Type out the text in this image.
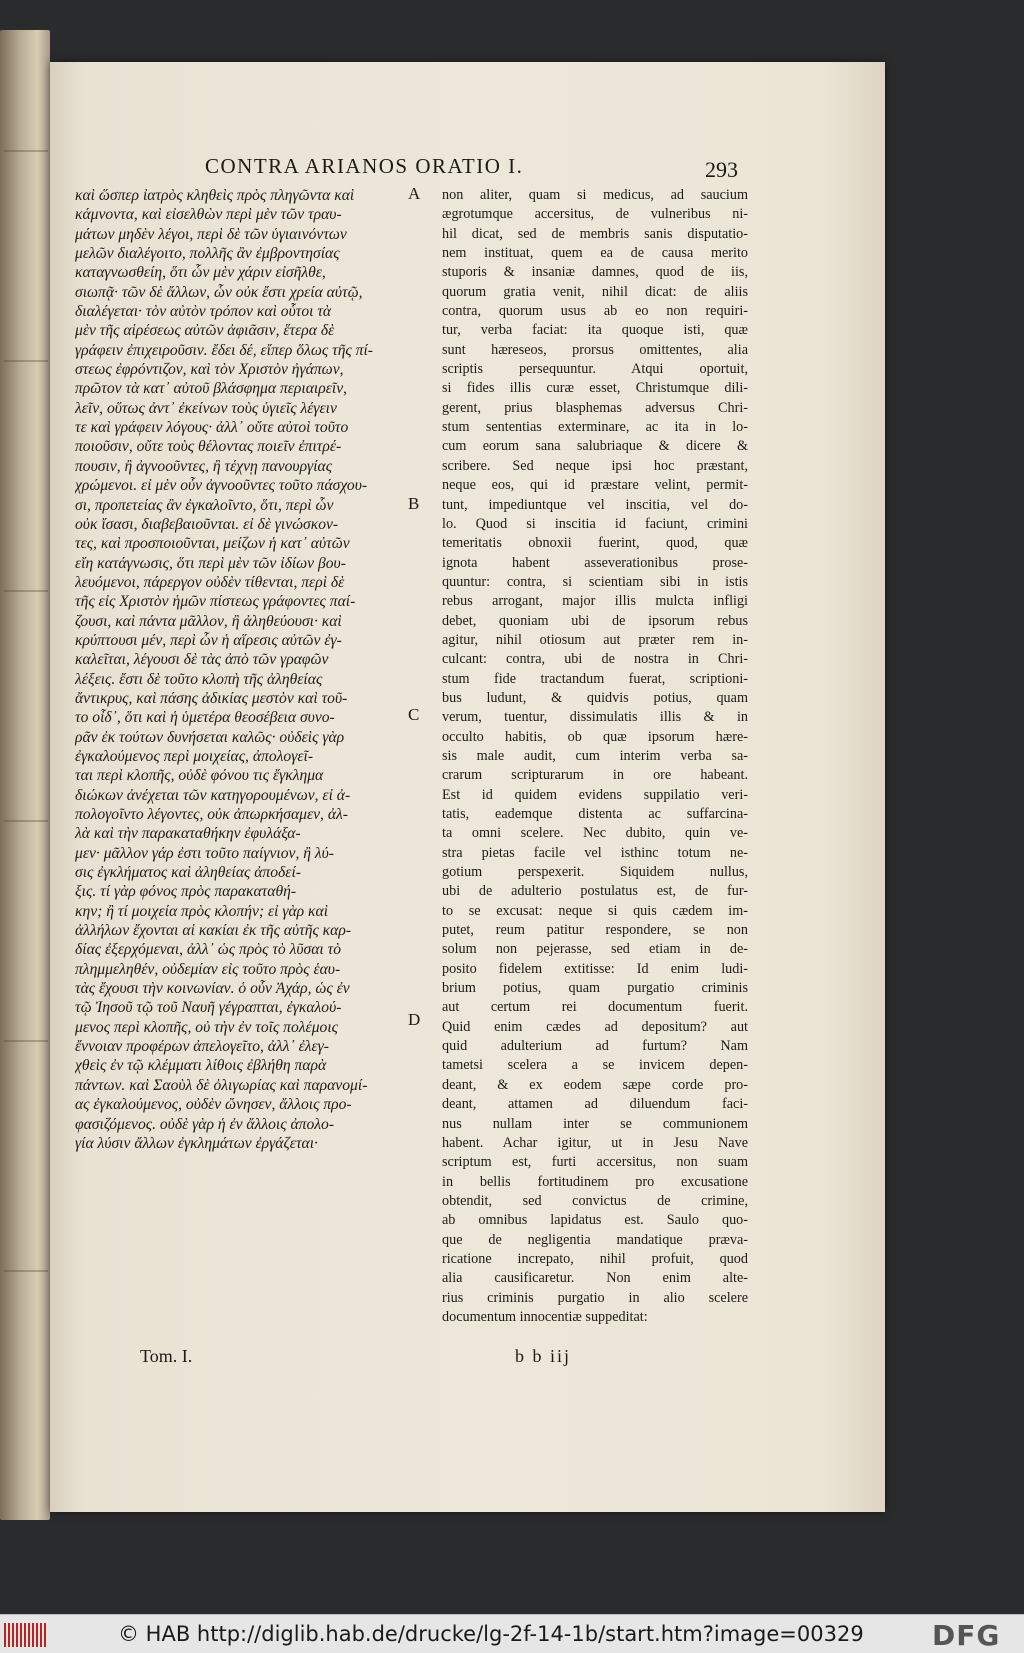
CONTRA ARIANOS ORATIO I.	293
καὶ ὥσπερ ἰατρὸς κληθεὶς πρὸς πληγῶντα καὶ
κάμνοντα, καὶ εἰσελθὼν περὶ μὲν τῶν τραυ-
μάτων μηδὲν λέγοι, περὶ δὲ τῶν ὑγιαινόντων
μελῶν διαλέγοιτο, πολλῆς ἂν ἐμβροντησίας
καταγνωσθείη, ὅτι ὧν μὲν χάριν εἰσῆλθε,
σιωπᾷ· τῶν δὲ ἄλλων, ὧν οὐκ ἔστι χρεία αὐτῷ,
διαλέγεται· τὸν αὐτὸν τρόπον καὶ οὗτοι τὰ
μὲν τῆς αἱρέσεως αὐτῶν ἀφιᾶσιν, ἕτερα δὲ
γράφειν ἐπιχειροῦσιν. ἔδει δέ, εἴπερ ὅλως τῆς πί-
στεως ἐφρόντιζον, καὶ τὸν Χριστὸν ἠγάπων,
πρῶτον τὰ κατ᾽ αὐτοῦ βλάσφημα περιαιρεῖν,
λεῖν, οὕτως ἀντ᾽ ἐκείνων τοὺς ὑγιεῖς λέγειν
τε καὶ γράφειν λόγους· ἀλλ᾽ οὔτε αὐτοὶ τοῦτο
ποιοῦσιν, οὔτε τοὺς θέλοντας ποιεῖν ἐπιτρέ-
πουσιν, ἢ ἀγνοοῦντες, ἢ τέχνῃ πανουργίας
χρώμενοι. εἰ μὲν οὖν ἀγνοοῦντες τοῦτο πάσχου-
σι, προπετείας ἂν ἐγκαλοῖντο, ὅτι, περὶ ὧν
οὐκ ἴσασι, διαβεβαιοῦνται. εἰ δὲ γινώσκον-
τες, καὶ προσποιοῦνται, μείζων ἡ κατ᾽ αὐτῶν
εἴη κατάγνωσις, ὅτι περὶ μὲν τῶν ἰδίων βου-
λευόμενοι, πάρεργον οὐδὲν τίθενται, περὶ δὲ
τῆς εἰς Χριστὸν ἡμῶν πίστεως γράφοντες παί-
ζουσι, καὶ πάντα μᾶλλον, ἢ ἀληθεύουσι· καὶ
κρύπτουσι μέν, περὶ ὧν ἡ αἵρεσις αὐτῶν ἐγ-
καλεῖται, λέγουσι δὲ τὰς ἀπὸ τῶν γραφῶν
λέξεις. ἔστι δὲ τοῦτο κλοπὴ τῆς ἀληθείας
ἄντικρυς, καὶ πάσης ἀδικίας μεστὸν καὶ τοῦ-
το οἶδ᾽, ὅτι καὶ ἡ ὑμετέρα θεοσέβεια συνο-
ρᾶν ἐκ τούτων δυνήσεται καλῶς· οὐδεὶς γὰρ
ἐγκαλούμενος περὶ μοιχείας, ἀπολογεῖ-
ται περὶ κλοπῆς, οὐδὲ φόνου τις ἔγκλημα
διώκων ἀνέχεται τῶν κατηγορουμένων, εἰ ἀ-
πολογοῖντο λέγοντες, οὐκ ἀπωρκήσαμεν, ἀλ-
λὰ καὶ τὴν παρακαταθήκην ἐφυλάξα-
μεν· μᾶλλον γάρ ἐστι τοῦτο παίγνιον, ἢ λύ-
σις ἐγκλήματος καὶ ἀληθείας ἀποδεί-
ξις. τί γὰρ φόνος πρὸς παρακαταθή-
κην; ἢ τί μοιχεία πρὸς κλοπήν; εἰ γὰρ καὶ
ἀλλήλων ἔχονται αἱ κακίαι ἐκ τῆς αὐτῆς καρ-
δίας ἐξερχόμεναι, ἀλλ᾽ ὡς πρὸς τὸ λῦσαι τὸ
πλημμεληθέν, οὐδεμίαν εἰς τοῦτο πρὸς ἑαυ-
τὰς ἔχουσι τὴν κοινωνίαν. ὁ οὖν Ἀχάρ, ὡς ἐν
τῷ Ἰησοῦ τῷ τοῦ Ναυῆ γέγραπται, ἐγκαλού-
μενος περὶ κλοπῆς, οὐ τὴν ἐν τοῖς πολέμοις
ἔννοιαν προφέρων ἀπελογεῖτο, ἀλλ᾽ ἐλεγ-
χθεὶς ἐν τῷ κλέμματι λίθοις ἐβλήθη παρὰ
πάντων. καὶ Σαοὺλ δὲ ὀλιγωρίας καὶ παρανομί-
ας ἐγκαλούμενος, οὐδὲν ὤνησεν, ἄλλοις προ-
φασιζόμενος. οὐδὲ γὰρ ἡ ἐν ἄλλοις ἀπολο-
γία λύσιν ἄλλων ἐγκλημάτων ἐργάζεται·
non aliter, quam si medicus, ad saucium
ægrotumque accersitus, de vulneribus ni-
hil dicat, sed de membris sanis disputatio-
nem instituat, quem ea de causa merito
stuporis & insaniæ damnes, quod de iis,
quorum gratia venit, nihil dicat: de aliis
contra, quorum usus ab eo non requiri-
tur, verba faciat: ita quoque isti, quæ
sunt hæreseos, prorsus omittentes, alia
scriptis persequuntur. Atqui oportuit,
si fides illis curæ esset, Christumque dili-
gerent, prius blasphemas adversus Chri-
stum sententias exterminare, ac ita in lo-
cum eorum sana salubriaque & dicere &
scribere. Sed neque ipsi hoc præstant,
neque eos, qui id præstare velint, permit-
tunt, impediuntque vel inscitia, vel do-
lo. Quod si inscitia id faciunt, crimini
temeritatis obnoxii fuerint, quod, quæ
ignota habent asseverationibus prose-
quuntur: contra, si scientiam sibi in istis
rebus arrogant, major illis mulcta infligi
debet, quoniam ubi de ipsorum rebus
agitur, nihil otiosum aut præter rem in-
culcant: contra, ubi de nostra in Chri-
stum fide tractandum fuerat, scriptioni-
bus ludunt, & quidvis potius, quam
verum, tuentur, dissimulatis illis & in
occulto habitis, ob quæ ipsorum hære-
sis male audit, cum interim verba sa-
crarum scripturarum in ore habeant.
Est id quidem evidens suppilatio veri-
tatis, eademque distenta ac suffarcina-
ta omni scelere. Nec dubito, quin ve-
stra pietas facile vel isthinc totum ne-
gotium perspexerit. Siquidem nullus,
ubi de adulterio postulatus est, de fur-
to se excusat: neque si quis cædem im-
putet, reum patitur respondere, se non
solum non pejerasse, sed etiam in de-
posito fidelem extitisse: Id enim ludi-
brium potius, quam purgatio criminis
aut certum rei documentum fuerit.
Quid enim cædes ad depositum? aut
quid adulterium ad furtum? Nam
tametsi scelera a se invicem depen-
deant, & ex eodem sæpe corde pro-
deant, attamen ad diluendum faci-
nus nullam inter se communionem
habent. Achar igitur, ut in Jesu Nave
scriptum est, furti accersitus, non suam
in bellis fortitudinem pro excusatione
obtendit, sed convictus de crimine,
ab omnibus lapidatus est. Saulo quo-
que de negligentia mandatique præva-
ricatione increpato, nihil profuit, quod
alia causificaretur. Non enim alte-
rius criminis purgatio in alio scelere
documentum innocentiæ suppeditat:
A
B
C
D
Tom. I.	b b iij
© HAB http://diglib.hab.de/drucke/lg-2f-14-1b/start.htm?image=00329 DFG
